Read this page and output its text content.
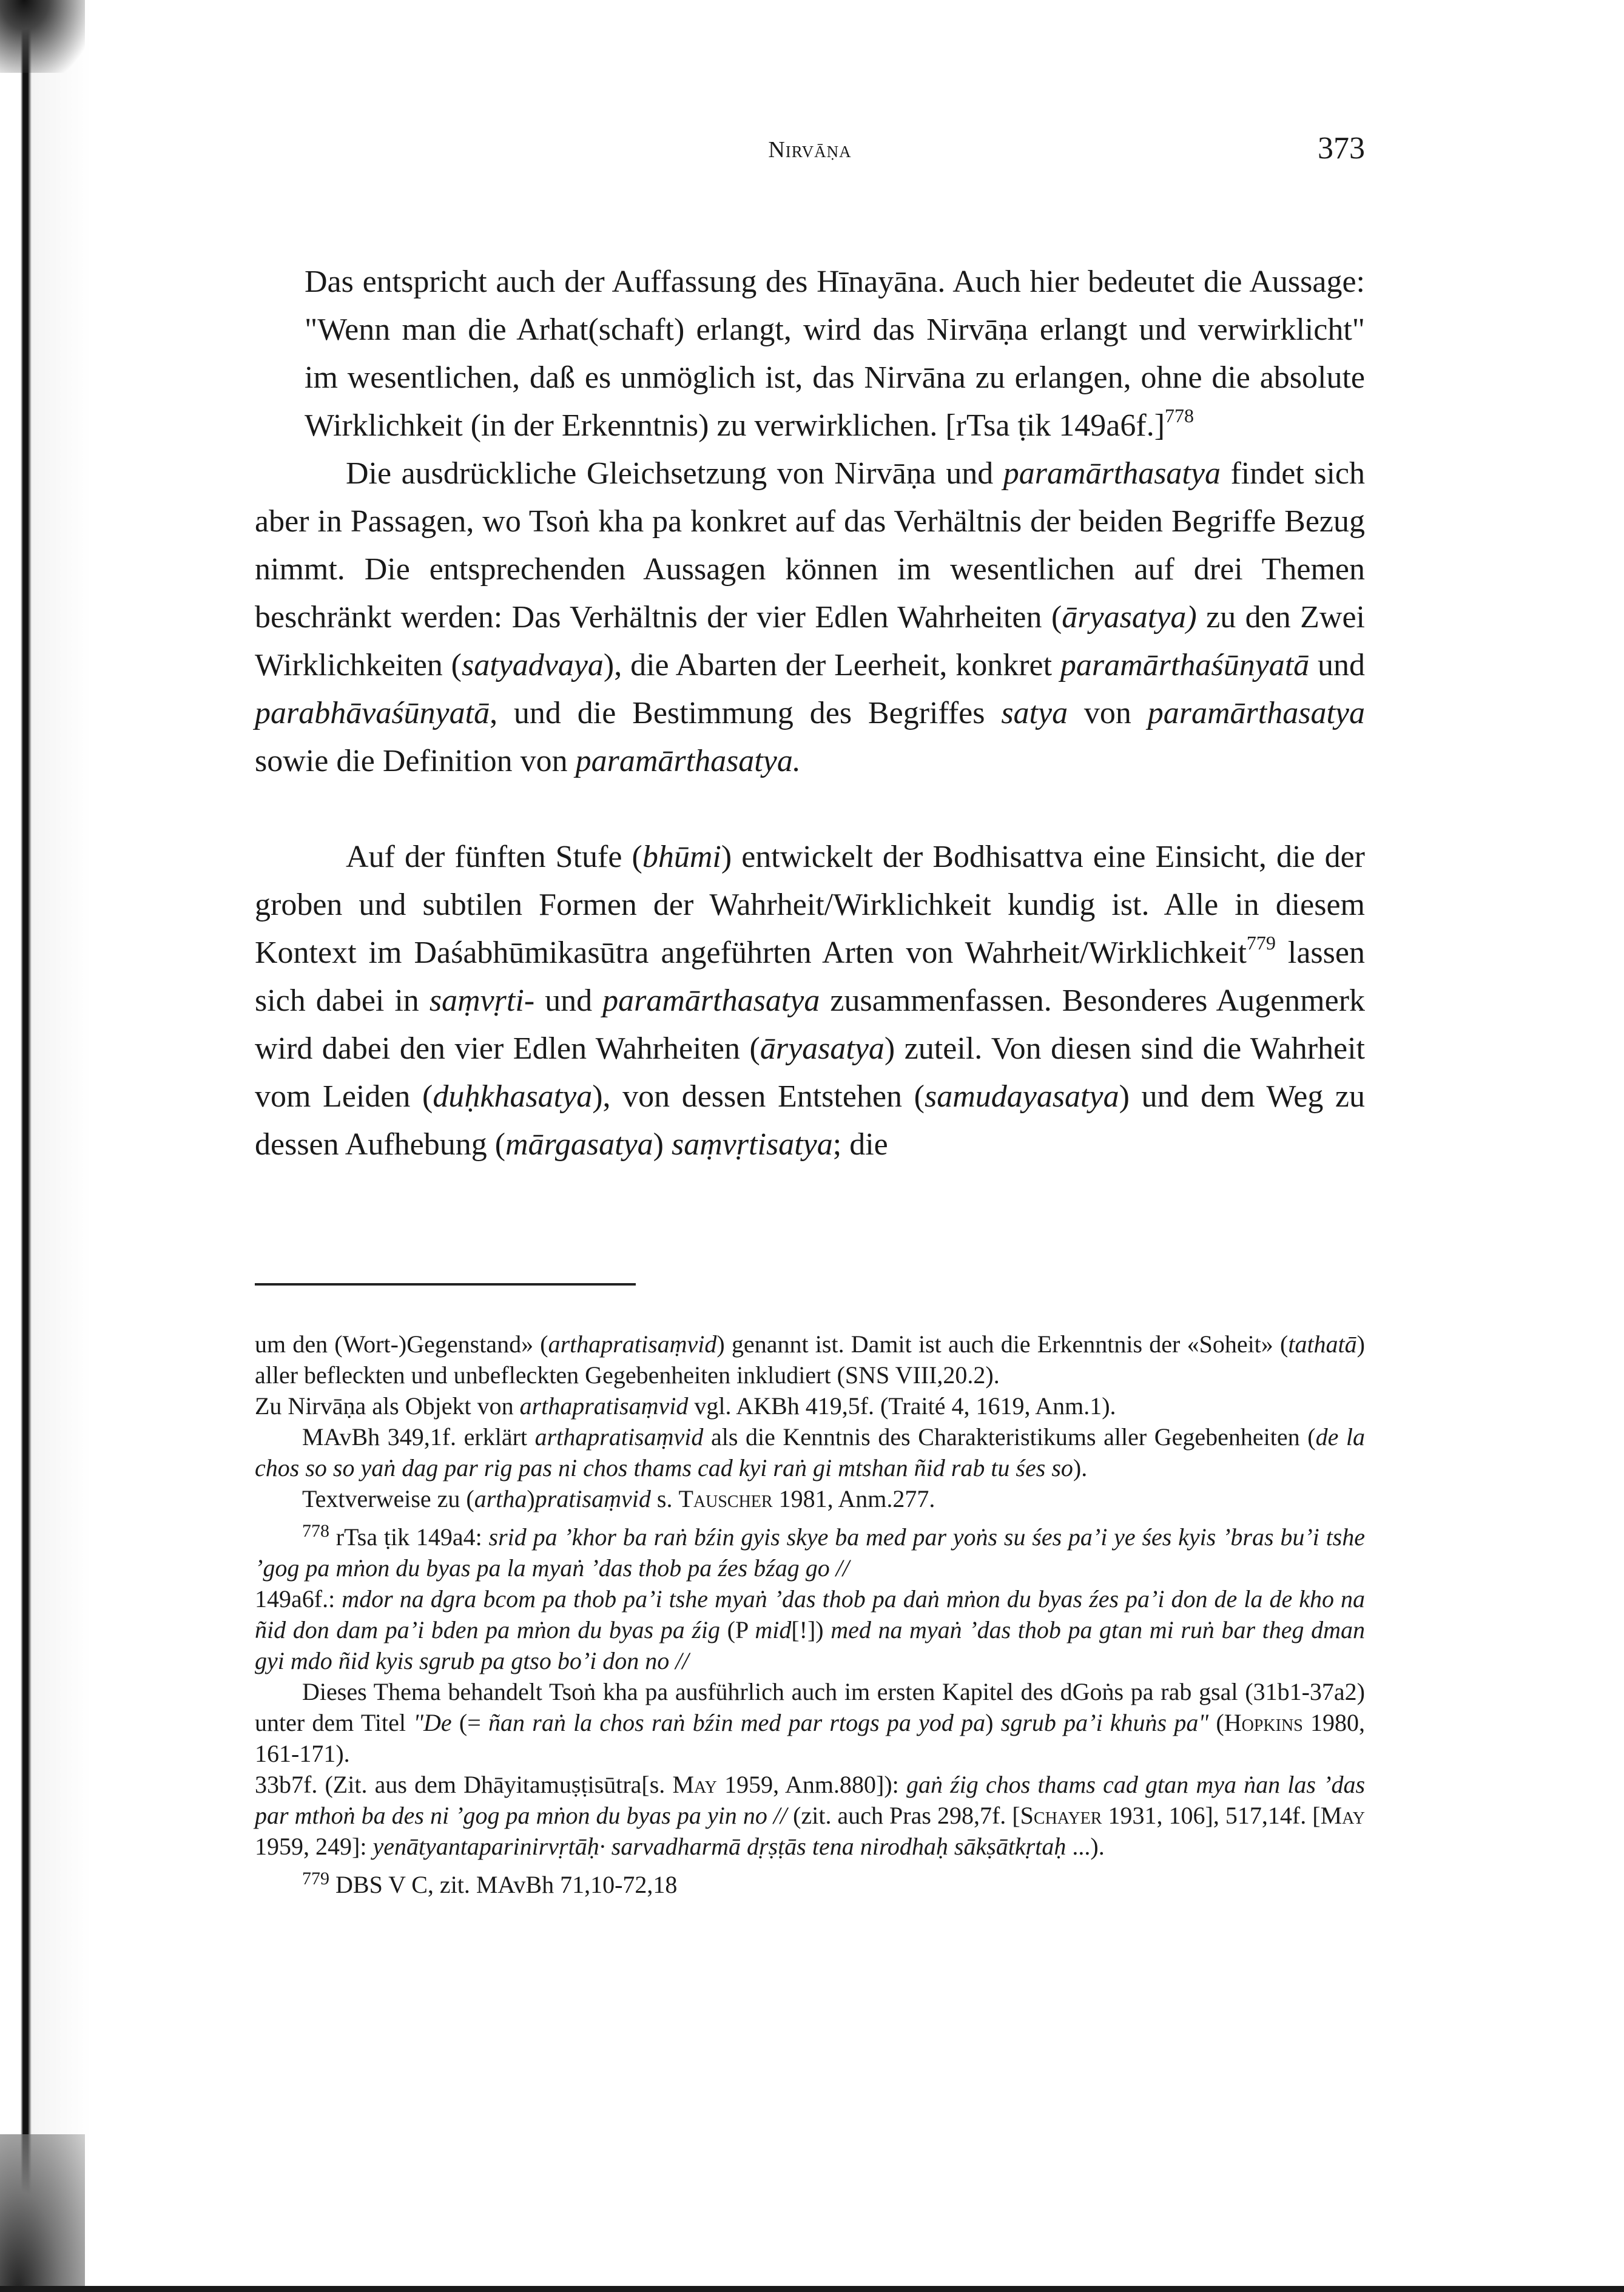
Nirvāṇa	373

Das entspricht auch der Auffassung des Hīnayāna. Auch hier bedeutet die Aussage: "Wenn man die Arhat(schaft) erlangt, wird das Nirvāṇa erlangt und verwirklicht" im wesentlichen, daß es unmöglich ist, das Nirvāna zu erlangen, ohne die absolute Wirklichkeit (in der Erkenntnis) zu verwirklichen. [rTsa ṭik 149a6f.]$^{778}$

Die ausdrückliche Gleichsetzung von Nirvāṇa und paramārthasatya findet sich aber in Passagen, wo Tsoṅ kha pa konkret auf das Verhältnis der beiden Begriffe Bezug nimmt. Die entsprechenden Aussagen können im wesentlichen auf drei Themen beschränkt werden: Das Verhältnis der vier Edlen Wahrheiten (āryasatya) zu den Zwei Wirklichkeiten (satyadvaya), die Abarten der Leerheit, konkret paramārthaśūnyatā und parabhāvaśūnyatā, und die Bestimmung des Begriffes satya von paramārthasatya sowie die Definition von paramārthasatya.

Auf der fünften Stufe (bhūmi) entwickelt der Bodhisattva eine Einsicht, die der groben und subtilen Formen der Wahrheit/Wirklichkeit kundig ist. Alle in diesem Kontext im Daśabhūmikasūtra angeführten Arten von Wahrheit/Wirklichkeit$^{779}$ lassen sich dabei in saṃvṛti- und paramārthasatya zusammenfassen. Besonderes Augenmerk wird dabei den vier Edlen Wahrheiten (āryasatya) zuteil. Von diesen sind die Wahrheit vom Leiden (duḥkhasatya), von dessen Entstehen (samudayasatya) und dem Weg zu dessen Aufhebung (mārgasatya) saṃvṛtisatya; die

um den (Wort-)Gegenstand» (arthapratisaṃvid) genannt ist. Damit ist auch die Erkenntnis der «Soheit» (tathatā) aller befleckten und unbefleckten Gegebenheiten inkludiert (SNS VIII,20.2).

Zu Nirvāṇa als Objekt von arthapratisaṃvid vgl. AKBh 419,5f. (Traité 4, 1619, Anm.1).

MAvBh 349,1f. erklärt arthapratisaṃvid als die Kenntnis des Charakteristikums aller Gegebenheiten (de la chos so so yaṅ dag par rig pas ni chos thams cad kyi raṅ gi mtshan ñid rab tu śes so).

Textverweise zu (artha)pratisaṃvid s. Tauscher 1981, Anm.277.

$^{778}$ rTsa ṭik 149a4: srid pa ’khor ba raṅ bźin gyis skye ba med par yoṅs su śes pa’i ye śes kyis ’bras bu’i tshe ’gog pa mṅon du byas pa la myaṅ ’das thob pa źes bźag go //

149a6f.: mdor na dgra bcom pa thob pa’i tshe myaṅ ’das thob pa daṅ mṅon du byas źes pa’i don de la de kho na ñid don dam pa’i bden pa mṅon du byas pa źig (P mid[!]) med na myaṅ ’das thob pa gtan mi ruṅ bar theg dman gyi mdo ñid kyis sgrub pa gtso bo’i don no //

Dieses Thema behandelt Tsoṅ kha pa ausführlich auch im ersten Kapitel des dGoṅs pa rab gsal (31b1-37a2) unter dem Titel "De (= ñan raṅ la chos raṅ bźin med par rtogs pa yod pa) sgrub pa’i khuṅs pa" (Hopkins 1980, 161-171).

33b7f. (Zit. aus dem Dhāyitamuṣṭisūtra[s. May 1959, Anm.880]): gaṅ źig chos thams cad gtan mya ṅan las ’das par mthoṅ ba des ni ’gog pa mṅon du byas pa yin no // (zit. auch Pras 298,7f. [Schayer 1931, 106], 517,14f. [May 1959, 249]: yenātyantaparinirvṛtāḥ· sarvadharmā dṛṣṭās tena nirodhaḥ sākṣātkṛtaḥ ...).

$^{779}$ DBS V C, zit. MAvBh 71,10-72,18
